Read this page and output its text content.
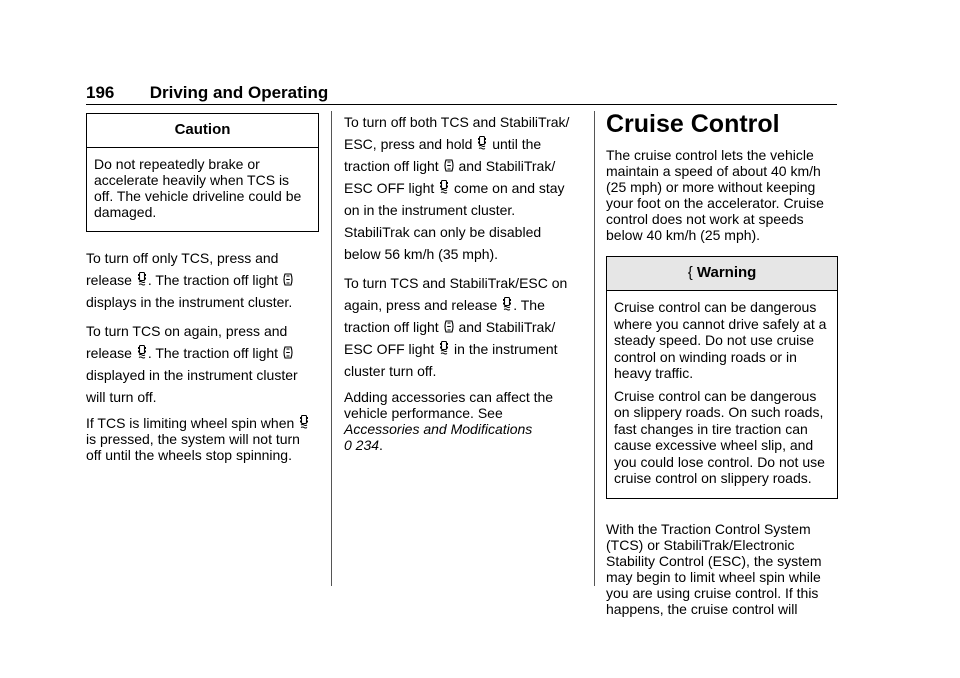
196 Driving and Operating
Caution

Do not repeatedly brake or accelerate heavily when TCS is off. The vehicle driveline could be damaged.

To turn off only TCS, press and release . The traction off light  displays in the instrument cluster.

To turn TCS on again, press and release . The traction off light  displayed in the instrument cluster will turn off.

If TCS is limiting wheel spin when  is pressed, the system will not turn off until the wheels stop spinning.

To turn off both TCS and StabiliTrak/ ESC, press and hold until the traction off light and StabiliTrak/ ESC OFF light come on and stay on in the instrument cluster. StabiliTrak can only be disabled below 56 km/h (35 mph).

To turn TCS and StabiliTrak/ESC on again, press and release . The traction off light and StabiliTrak/ ESC OFF light in the instrument cluster turn off.

Adding accessories can affect the vehicle performance. See
Accessories and Modifications
0 234.

Cruise Control

The cruise control lets the vehicle maintain a speed of about 40 km/h (25 mph) or more without keeping your foot on the accelerator. Cruise control does not work at speeds below 40 km/h (25 mph).

{ Warning

Cruise control can be dangerous where you cannot drive safely at a steady speed. Do not use cruise control on winding roads or in heavy traffic.

Cruise control can be dangerous on slippery roads. On such roads, fast changes in tire traction can cause excessive wheel slip, and you could lose control. Do not use cruise control on slippery roads.

With the Traction Control System (TCS) or StabiliTrak/Electronic Stability Control (ESC), the system may begin to limit wheel spin while you are using cruise control. If this happens, the cruise control will
